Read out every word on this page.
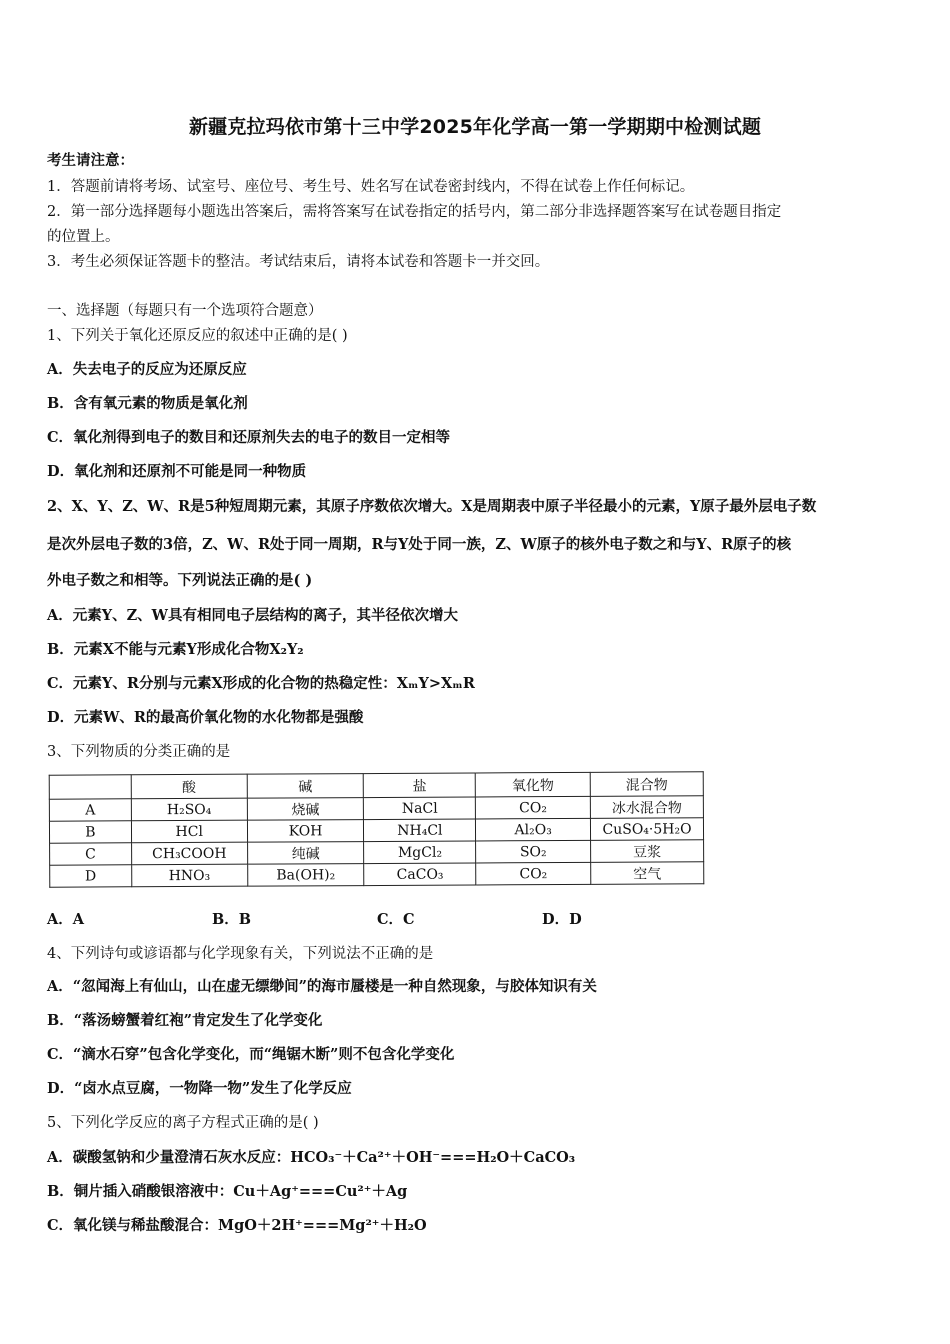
新疆克拉玛依市第十三中学2025年化学高一第一学期期中检测试题
考生请注意：
1．答题前请将考场、试室号、座位号、考生号、姓名写在试卷密封线内，不得在试卷上作任何标记。
2．第一部分选择题每小题选出答案后，需将答案写在试卷指定的括号内，第二部分非选择题答案写在试卷题目指定
的位置上。
3．考生必须保证答题卡的整洁。考试结束后，请将本试卷和答题卡一并交回。
一、选择题（每题只有一个选项符合题意）
1、下列关于氧化还原反应的叙述中正确的是( )
A．失去电子的反应为还原反应
B．含有氧元素的物质是氧化剂
C．氧化剂得到电子的数目和还原剂失去的电子的数目一定相等
D．氧化剂和还原剂不可能是同一种物质
2、X、Y、Z、W、R是5种短周期元素，其原子序数依次增大。X是周期表中原子半径最小的元素，Y原子最外层电子数
是次外层电子数的3倍，Z、W、R处于同一周期，R与Y处于同一族，Z、W原子的核外电子数之和与Y、R原子的核
外电子数之和相等。下列说法正确的是( )
A．元素Y、Z、W具有相同电子层结构的离子，其半径依次增大
B．元素X不能与元素Y形成化合物X₂Y₂
C．元素Y、R分别与元素X形成的化合物的热稳定性：XₘY>XₘR
D．元素W、R的最高价氧化物的水化物都是强酸
3、下列物质的分类正确的是
	酸	碱	盐	氧化物	混合物
A	H₂SO₄	烧碱	NaCl	CO₂	冰水混合物
B	HCl	KOH	NH₄Cl	Al₂O₃	CuSO₄·5H₂O
C	CH₃COOH	纯碱	MgCl₂	SO₂	豆浆
D	HNO₃	Ba(OH)₂	CaCO₃	CO₂	空气
A．A	B．B	C．C	D．D
4、下列诗句或谚语都与化学现象有关，下列说法不正确的是
A．“忽闻海上有仙山，山在虚无缥缈间”的海市蜃楼是一种自然现象，与胶体知识有关
B．“落汤螃蟹着红袍”肯定发生了化学变化
C．“滴水石穿”包含化学变化，而“绳锯木断”则不包含化学变化
D．“卤水点豆腐，一物降一物”发生了化学反应
5、下列化学反应的离子方程式正确的是( )
A．碳酸氢钠和少量澄清石灰水反应：HCO₃⁻＋Ca²⁺＋OH⁻===H₂O＋CaCO₃
B．铜片插入硝酸银溶液中：Cu＋Ag⁺===Cu²⁺＋Ag
C．氧化镁与稀盐酸混合：MgO＋2H⁺===Mg²⁺＋H₂O
